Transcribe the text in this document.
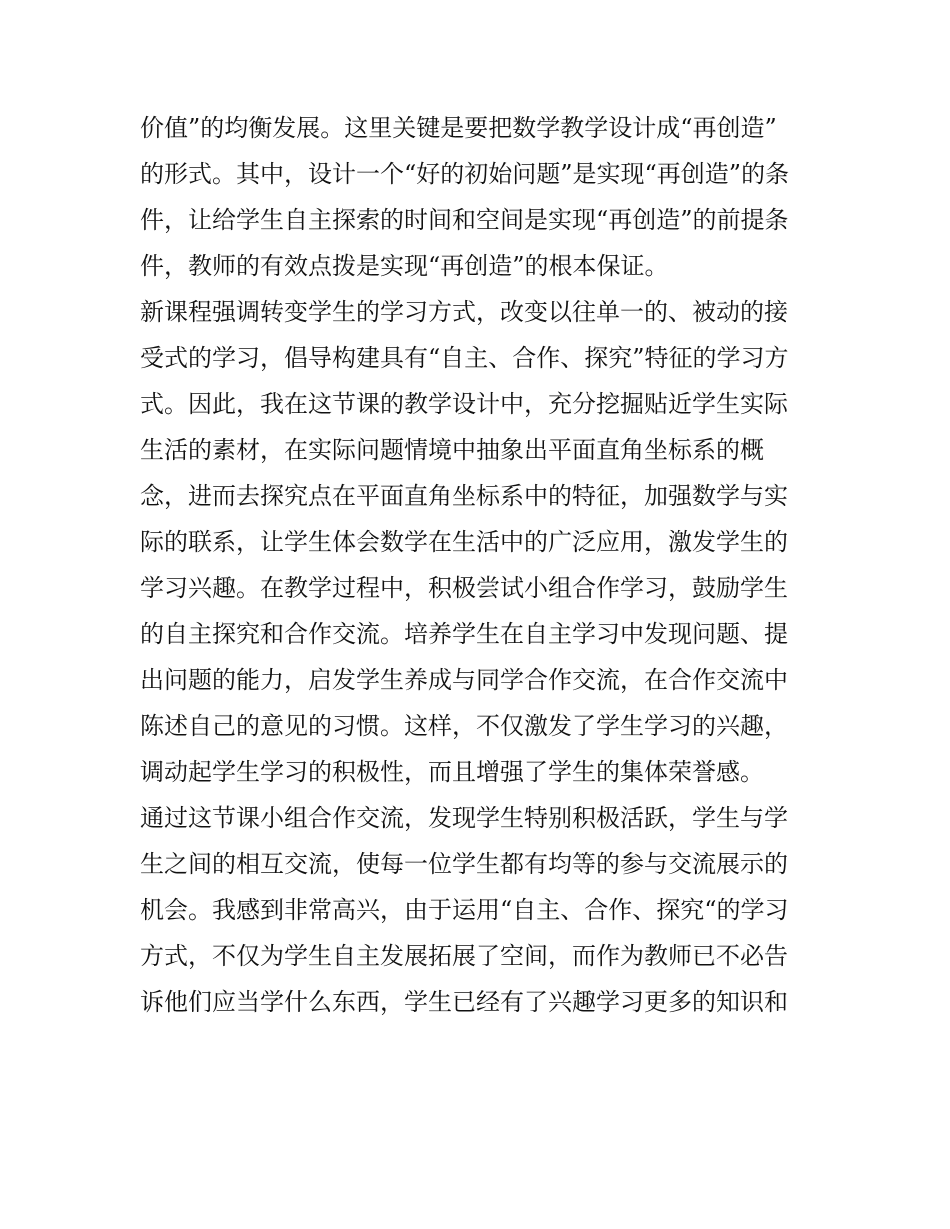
价值”的均衡发展。这里关键是要把数学教学设计成“再创造”
的形式。其中，设计一个“好的初始问题”是实现“再创造”的条
件，让给学生自主探索的时间和空间是实现“再创造”的前提条
件，教师的有效点拨是实现“再创造”的根本保证。
新课程强调转变学生的学习方式，改变以往单一的、被动的接
受式的学习，倡导构建具有“自主、合作、探究”特征的学习方
式。因此，我在这节课的教学设计中，充分挖掘贴近学生实际
生活的素材，在实际问题情境中抽象出平面直角坐标系的概
念，进而去探究点在平面直角坐标系中的特征，加强数学与实
际的联系，让学生体会数学在生活中的广泛应用，激发学生的
学习兴趣。在教学过程中，积极尝试小组合作学习，鼓励学生
的自主探究和合作交流。培养学生在自主学习中发现问题、提
出问题的能力，启发学生养成与同学合作交流，在合作交流中
陈述自己的意见的习惯。这样，不仅激发了学生学习的兴趣，
调动起学生学习的积极性，而且增强了学生的集体荣誉感。
通过这节课小组合作交流，发现学生特别积极活跃，学生与学
生之间的相互交流，使每一位学生都有均等的参与交流展示的
机会。我感到非常高兴，由于运用“自主、合作、探究“的学习
方式，不仅为学生自主发展拓展了空间，而作为教师已不必告
诉他们应当学什么东西，学生已经有了兴趣学习更多的知识和
